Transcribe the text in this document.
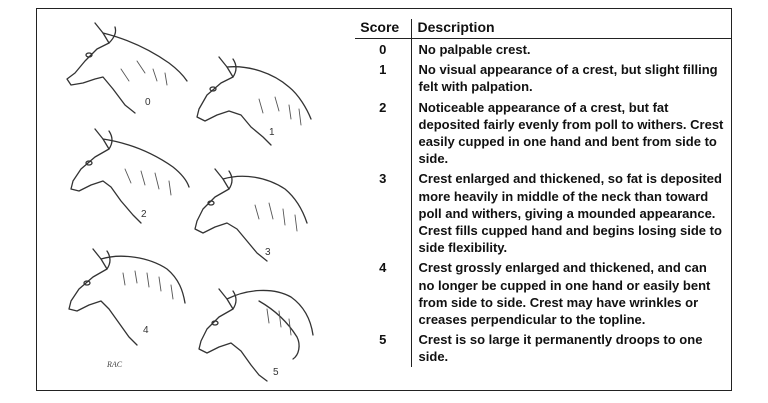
0
1
2
3
4
5
RAC
Score	Description
0	No palpable crest.
1	No visual appearance of a crest, but slight filling felt with palpation.
2	Noticeable appearance of a crest, but fat deposited fairly evenly from poll to withers. Crest easily cupped in one hand and bent from side to side.
3	Crest enlarged and thickened, so fat is deposited more heavily in middle of the neck than toward poll and withers, giving a mounded appearance. Crest fills cupped hand and begins losing side to side flexibility.
4	Crest grossly enlarged and thickened, and can no longer be cupped in one hand or easily bent from side to side. Crest may have wrinkles or creases perpendicular to the topline.
5	Crest is so large it permanently droops to one side.
